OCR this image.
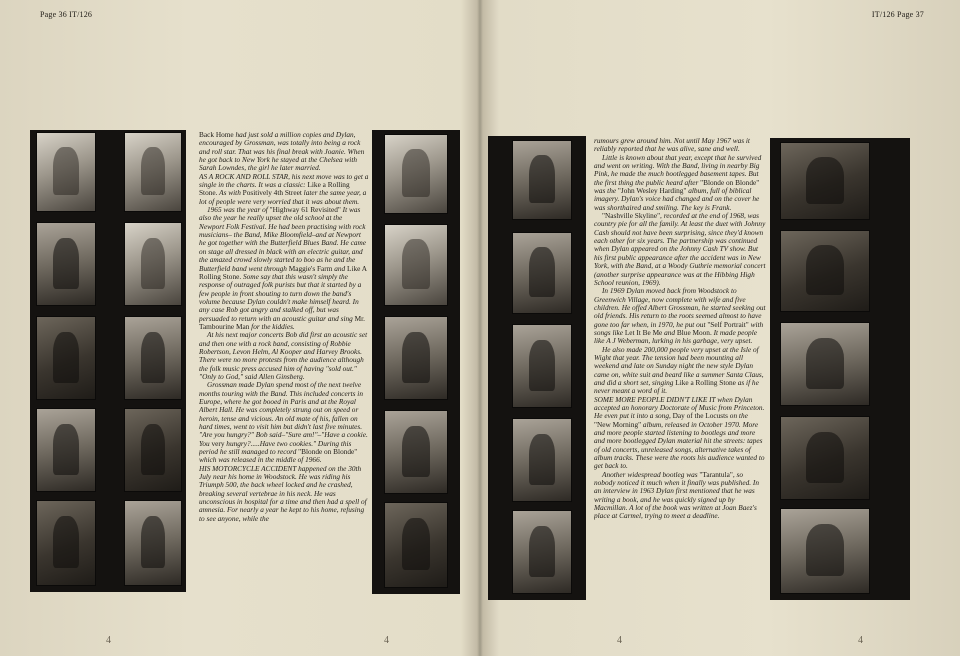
Page 36 IT/126	IT/126 Page 37

Back Home had just sold a million copies and Dylan, encouraged by Grossman, was totally into being a rock and roll star. That was his final break with Joanie. When he got back to New York he stayed at the Chelsea with Sarah Lowndes, the girl he later married.

AS A ROCK AND ROLL STAR, his next move was to get a single in the charts. It was a classic: Like a Rolling Stone. As with Positively 4th Street later the same year, a lot of people were very worried that it was about them.

1965 was the year of "Highway 61 Revisited" It was also the year he really upset the old school at the Newport Folk Festival. He had been practising with rock musicians– the Band, Mike Bloomfield–and at Newport he got together with the Butterfield Blues Band. He came on stage all dressed in black with an electric guitar, and the amazed crowd slowly started to boo as he and the Butterfield band went through Maggie's Farm and Like A Rolling Stone. Some say that this wasn't simply the response of outraged folk purists but that it started by a few people in front shouting to turn down the band's volume because Dylan couldn't make himself heard. In any case Rob got angry and stalked off, but was persuaded to return with an acoustic guitar and sing Mr. Tambourine Man for the kiddies.

At his next major concerts Bob did first an acoustic set and then one with a rock band, consisting of Robbie Robertson, Levon Helm, Al Kooper and Harvey Brooks. There were no more protests from the audience although the folk music press accused him of having "sold out." "Only to God," said Allen Ginsberg.

Grossman made Dylan spend most of the next twelve months touring with the Band. This included concerts in Europe, where he got booed in Paris and at the Royal Albert Hall. He was completely strung out on speed or heroin, tense and vicious. An old mate of his, fallen on hard times, went to visit him but didn't last five minutes. "Are you hungry?" Bob said–"Sure am!"–"Have a cookie. You very hungry?.....Have two cookies." During this period he still managed to record "Blonde on Blonde" which was released in the middle of 1966.

HIS MOTORCYCLE ACCIDENT happened on the 30th July near his home in Woodstock. He was riding his Triumph 500, the back wheel locked and he crashed, breaking several vertebrae in his neck. He was unconscious in hospital for a time and then had a spell of amnesia. For nearly a year he kept to his home, refusing to see anyone, while the

rumours grew around him. Not until May 1967 was it reliably reported that he was alive, sane and well.

Little is known about that year, except that he survived and went on writing. With the Band, living in nearby Big Pink, he made the much bootlegged basement tapes. But the first thing the public heard after "Blonde on Blonde" was the "John Wesley Harding" album, full of biblical imagery. Dylan's voice had changed and on the cover he was shorthaired and smiling. The key is Frank.

"Nashville Skyline", recorded at the end of 1968, was country pie for all the family. At least the duet with Johnny Cash should not have been surprising, since they'd known each other for six years. The partnership was continued when Dylan appeared on the Johnny Cash TV show. But his first public appearance after the accident was in New York, with the Band, at a Woody Guthrie memorial concert (another surprise appearance was at the Hibbing High School reunion, 1969).

In 1969 Dylan moved back from Woodstock to Greenwich Village, now complete with wife and five children. He offed Albert Grossman, he started seeking out old friends. His return to the roots seemed almost to have gone too far when, in 1970, he put out "Self Portrait" with songs like Let It Be Me and Blue Moon. It made people like A J Weberman, lurking in his garbage, very upset.

He also made 200,000 people very upset at the Isle of Wight that year. The tension had been mounting all weekend and late on Sunday night the new style Dylan came on, white suit and beard like a summer Santa Claus, and did a short set, singing Like a Rolling Stone as if he never meant a word of it.

SOME MORE PEOPLE DIDN'T LIKE IT when Dylan accepted an honorary Doctorate of Music from Princeton. He even put it into a song, Day of the Locusts on the "New Morning" album, released in October 1970. More and more people started listening to bootlegs and more and more bootlegged Dylan material hit the streets: tapes of old concerts, unreleased songs, alternative takes of album tracks. These were the roots his audience wanted to get back to.

Another widespread bootleg was "Tarantula", so nobody noticed it much when it finally was published. In an interview in 1963 Dylan first mentioned that he was writing a book, and he was quickly signed up by Macmillan. A lot of the book was written at Joan Baez's place at Carmel, trying to meet a deadline.

4	4	4	4
